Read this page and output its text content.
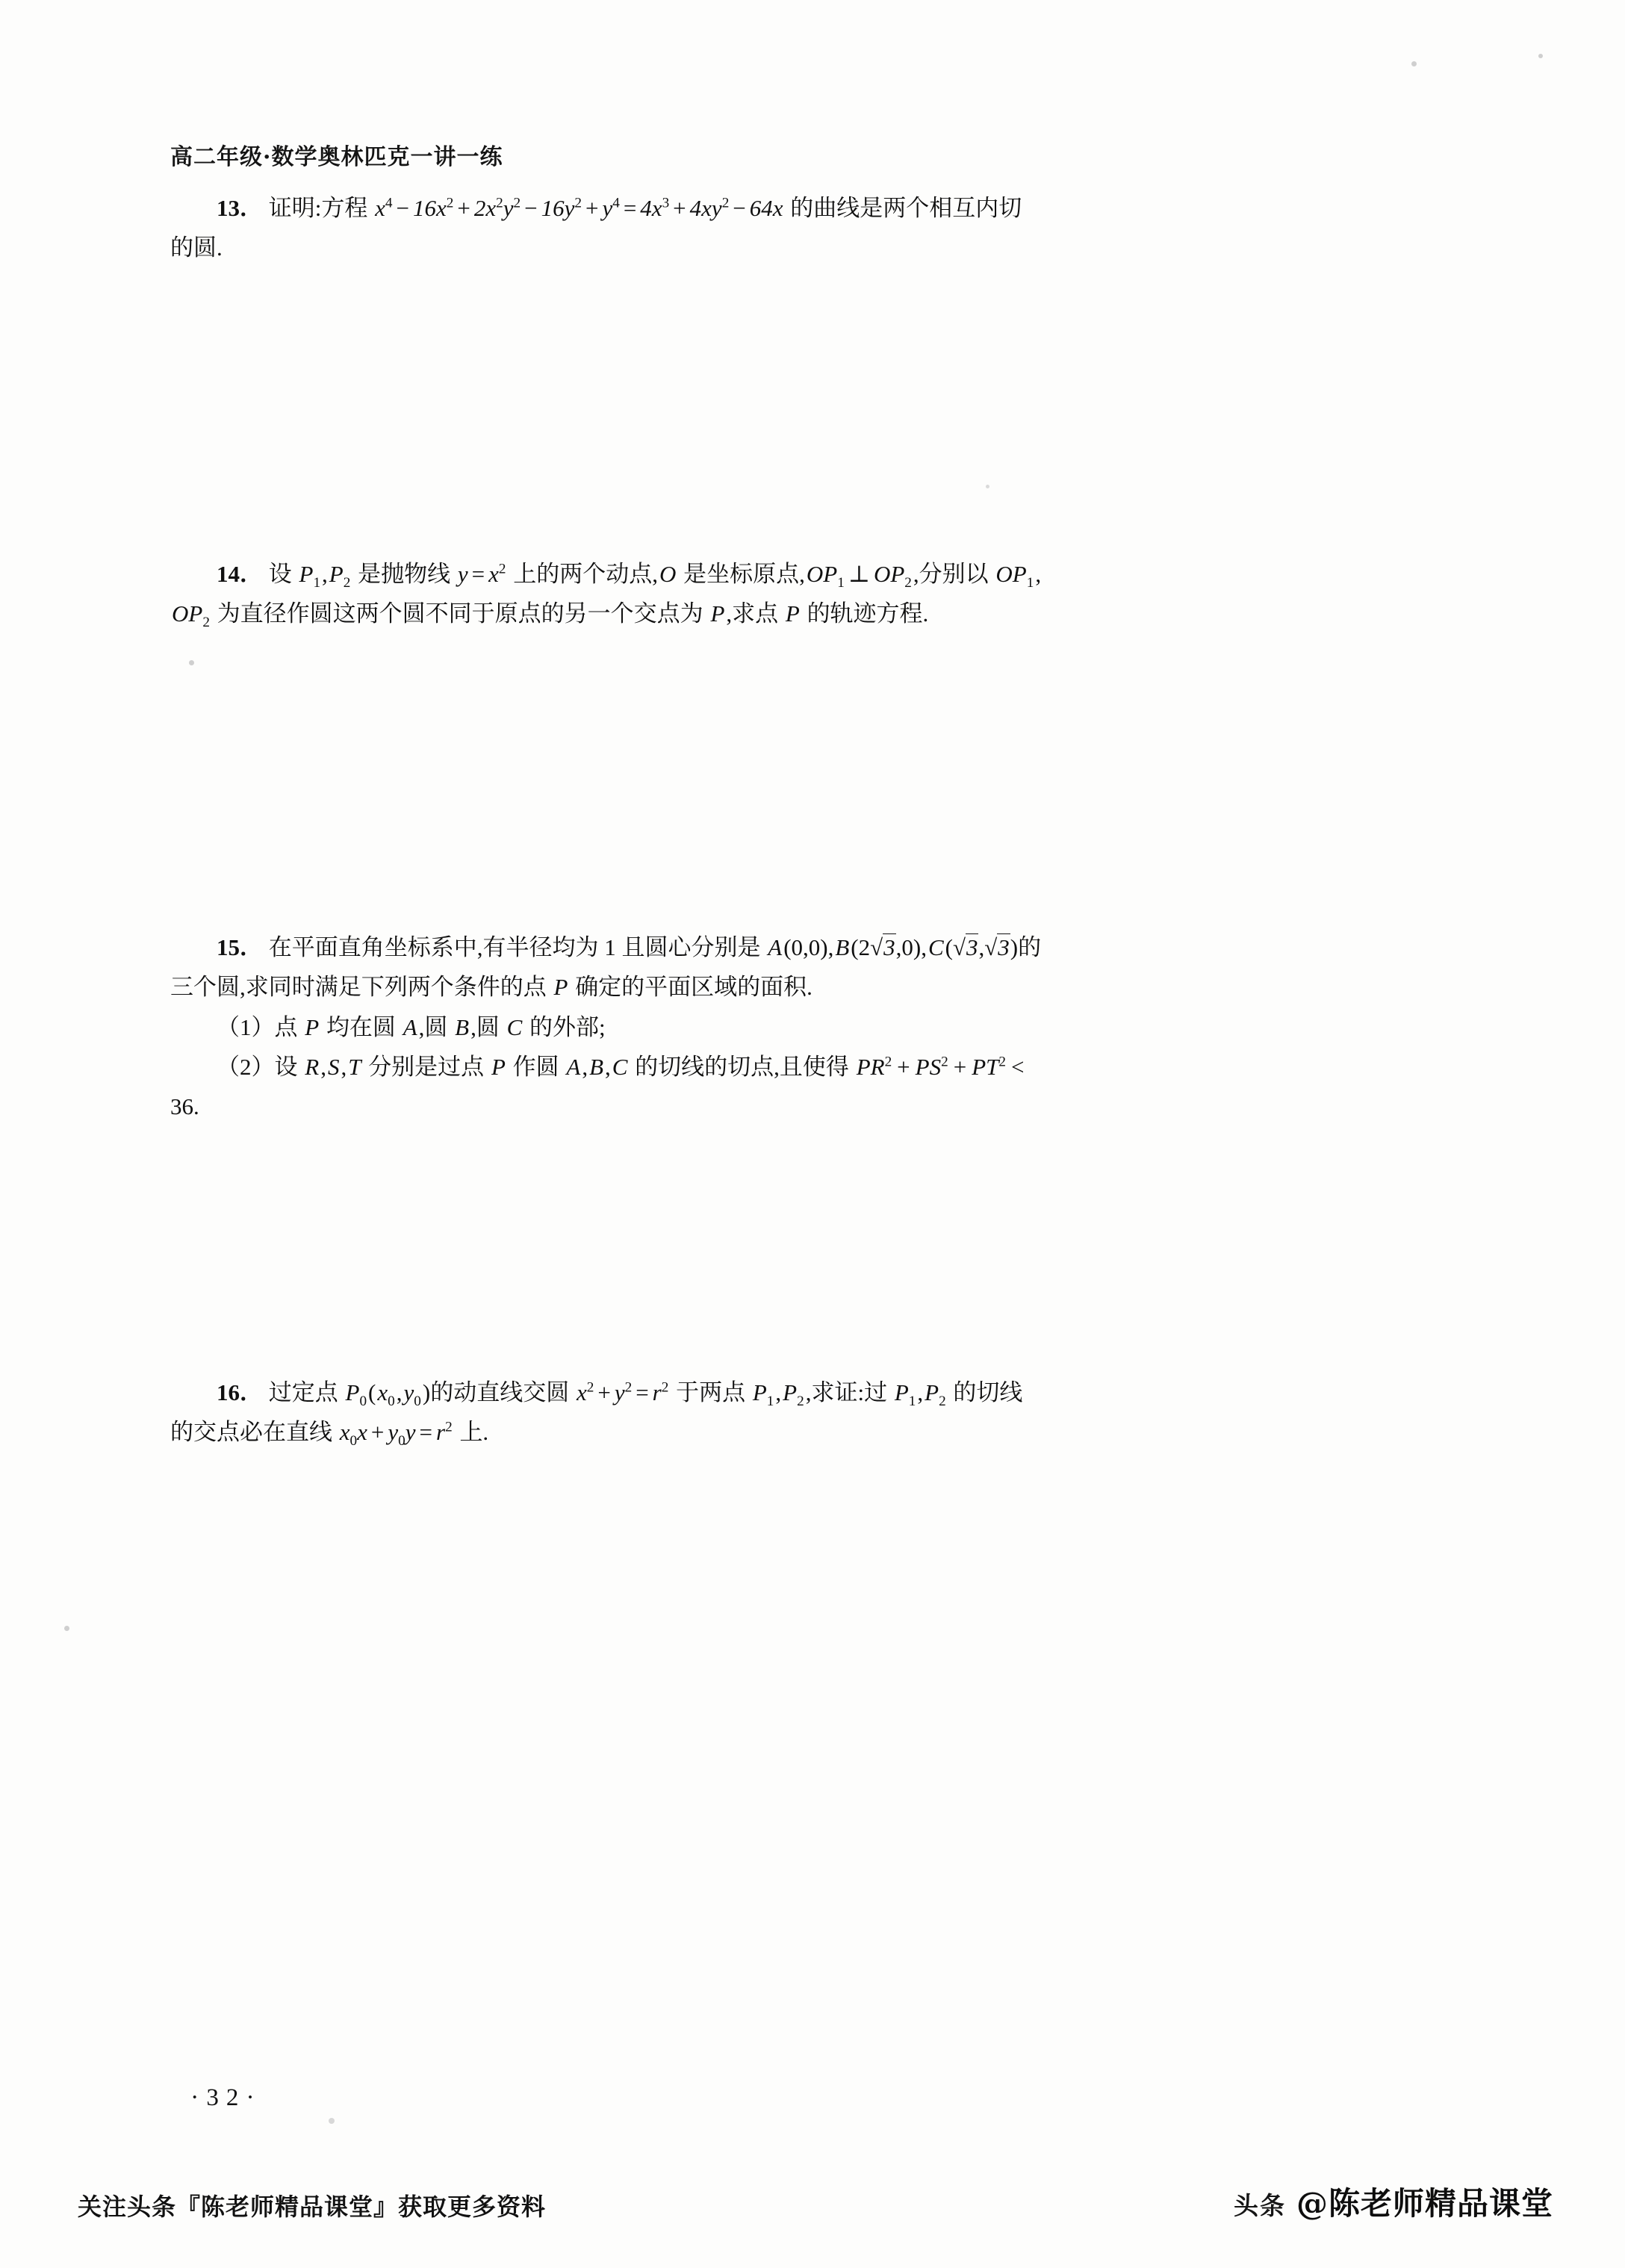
高二年级·数学奥林匹克一讲一练

13． 证明:方程 $x^4 - 16x^2 + 2x^2y^2 - 16y^2 + y^4 = 4x^3 + 4xy^2 - 64x$ 的曲线是两个相互内切

的圆.

14． 设 $P_1,P_2$ 是抛物线 $y = x^2$ 上的两个动点,O 是坐标原点$,OP_1$ ⊥ $OP_2$,分别以 $OP_1$,

$OP_2$ 为直径作圆这两个圆不同于原点的另一个交点为 P,求点 P 的轨迹方程.

15． 在平面直角坐标系中,有半径均为 1 且圆心分别是 A(0,0),B(2√3,0),C(√3,√3)的

三个圆,求同时满足下列两个条件的点 P 确定的平面区域的面积.

（1）点 P 均在圆 A,圆 B,圆 C 的外部;

（2）设 R,S,T 分别是过点 P 作圆 A,B,C 的切线的切点,且使得 $PR^2 + PS^2 + PT^2$ <

36.

16． 过定点 $P_0(x_0,y_0)$的动直线交圆 $x^2 + y^2 = r^2$ 于两点 $P_1,P_2$,求证:过 $P_1,P_2$ 的切线

的交点必在直线 $x_0x + y_0y = r^2$ 上.

·32·
关注头条『陈老师精品课堂』获取更多资料	头条 @陈老师精品课堂
